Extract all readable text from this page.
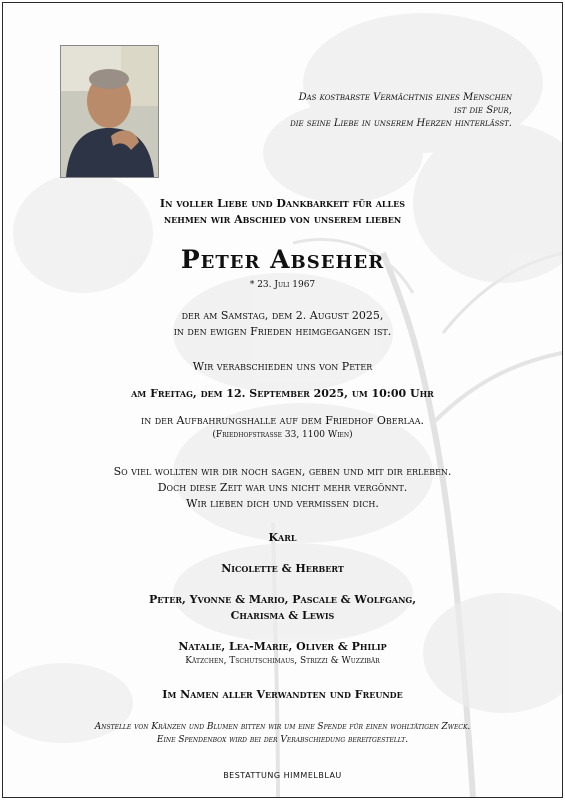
Das kostbarste Vermächtnis eines Menschen
ist die Spur,
die seine Liebe in unserem Herzen hinterlässt.
In voller Liebe und Dankbarkeit für alles
nehmen wir Abschied von unserem lieben
Peter Abseher
* 23. Juli 1967
der am Samstag, dem 2. August 2025,
in den ewigen Frieden heimgegangen ist.
Wir verabschieden uns von Peter
am Freitag, dem 12. September 2025, um 10:00 Uhr
in der Aufbahrungshalle auf dem Friedhof Oberlaa.
(Friedhofstrasse 33, 1100 Wien)
So viel wollten wir dir noch sagen, geben und mit dir erleben.
Doch diese Zeit war uns nicht mehr vergönnt.
Wir lieben dich und vermissen dich.
Karl
Nicolette & Herbert
Peter, Yvonne & Mario, Pascale & Wolfgang,
Charisma & Lewis
Natalie, Lea-Marie, Oliver & Philip
Kätzchen, Tschutschimaus, Strizzi & Wuzzibär
Im Namen aller Verwandten und Freunde
Anstelle von Kränzen und Blumen bitten wir um eine Spende für einen wohltätigen Zweck.
Eine Spendenbox wird bei der Verabschiedung bereitgestellt.
BESTATTUNG HIMMELBLAU
